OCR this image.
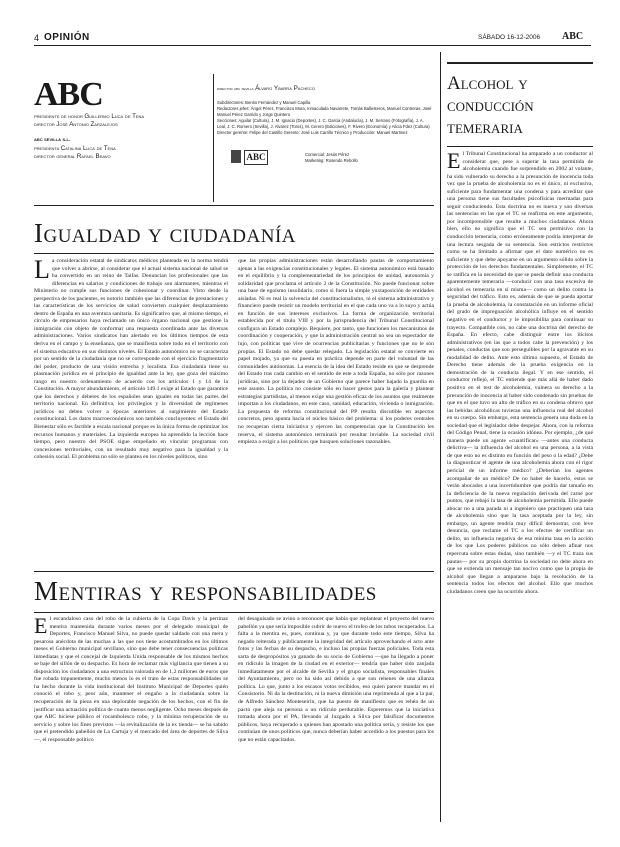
4 OPINIÓN	SÁBADO 16-12-2006 ABC
ABC
presidente de honor Guillermo Luca de Tena
director José Antonio Zarzalejos
abc sevilla s.l.
presidenta Catalina Luca de Tena
director general Rafael Bravo
director abc sevilla Álvaro Ybarra Pacheco
Subdirectores: Benito Fernández y Manuel Capilla
Redactores jefes: Ángel Pérez, Francisco Mora, Inmaculada Navarrete, Tomás Ballesteros, Manuel Contreras, José Manuel Pérez Garrido y Jorge Quintero
Secciones: Aguilar (Cultura), J. M. Ignacio (Deportes), J. C. Garcia (Andalucía), J. M. Serrano (Fotografía), J. A. Leal, J. C. Romero (Sevilla), J. Alvarez (Toros), M. Cerero (Ediciones), F. Rivero (Economía) y Alicia Fdez (Cultura)
Director gerente: Felipe del Castillo Gerente: José Luis Carrillo Técnico y Producción: Manuel Martinez
ABC	Comercial: Jesús Pérez
Marketing: Rosendo Rebollo
Igualdad y ciudadanía
La consideración estatal de sindicatos médicos planteada en la norma tendrá que volver a abrirse, al considerar que el actual sistema nacional de salud se ha convertido en un reino de Taifas. Denuncian los profesionales que las diferencias en salarios y condiciones de trabajo son alarmantes, mientras el Ministerio no cumple sus funciones de cohesionar y coordinar. Visto desde la perspectiva de los pacientes, es notorio también que las diferencias de prestaciones y las características de los servicios de salud convierten cualquier desplazamiento dentro de España en una aventura sanitaria. Es significativo que, al mismo tiempo, el círculo de empresarios haya reclamado un único órgano nacional que gestione la inmigración con objeto de conformar una respuesta coordinada ante las diversas administraciones. Varios sindicatos han alertado en los últimos tiempos de esta deriva en el campo y la enseñanza, que se manifiesta sobre todo en el territorio con el sistema educativo en sus distintos niveles. El Estado autonómico no se caracteriza por un sentido de la ciudadanía que no se corresponde con el ejercicio fragmentario del poder, producto de una visión estrecha y localista. Esa ciudadanía tiene su plasmación jurídica en el principio de igualdad ante la ley, que goza del máximo rango en nuestro ordenamiento de acuerdo con los artículos 1 y 14 de la Constitución. A mayor abundamiento, el artículo 149.1 exige al Estado que garantice que los derechos y deberes de los españoles sean iguales en todas las partes del territorio nacional. En definitiva, los privilegios y la diversidad de regímenes jurídicos no deben volver a épocas anteriores al surgimiento del Estado constitucional. Los datos macroeconómicos son también concluyentes: el Estado del Bienestar sólo es factible a escala nacional porque es la única forma de optimizar los recursos humanos y materiales. La izquierda europea ha aprendido la lección hace tiempo, pero nuestro del PSOE sigue empeñado en vincular programas con concesiones territoriales, con un resultado muy negativo para la igualdad y la cohesión social. El problema no sólo se plantea en los niveles políticos, sino
que las propias administraciones están desarrollando pautas de comportamiento ajenas a las exigencias constitucionales y legales. El sistema autonómico está basado en el equilibrio y la complementariedad de los principios de unidad, autonomía y solidaridad que proclama el artículo 2 de la Constitución. No puede funcionar sobre una base de egoísmo insolidario, como si fuera la simple yuxtaposición de entidades aisladas. Ni es real la solvencia del constitucionalismo, ni el sistema administrativo y financiero puede resistir un modelo territorial en el que cada uno va a lo suyo y actúa en función de sus intereses exclusivos. La forma de organización territorial establecida por el título VIII y por la jurisprudencia del Tribunal Constitucional configura un Estado complejo. Requiere, por tanto, que funcionen los mecanismos de coordinación y cooperación, y que la administración central no sea un espectador de lujo, con políticas que vive de ocurrencias publicitarias y funciones que no le son propias. El Estado no debe quedar relegado. La legislación estatal se convierte en papel mojado, ya que su puesta en práctica depende en parte del voluntad de las comunidades autónomas. La esencia de la idea del Estado reside en que se desprende del Estado tras cada cambio en el sentido de este a toda España, no sólo por razones jurídicas, sino por la dejadez de un Gobierno que parece haber bajado la guardia en este asunto. La política no consiste sólo en hacer gestos para la galería y plantear estrategias partidistas, al menos exige una gestión eficaz de los asuntos que realmente importan a los ciudadanos, en este caso, sanidad, educación, vivienda o inmigración. La propuesta de reforma constitucional del PP resulta discutible en aspectos concretos, pero apunta hacia el núcleo básico del problema: si los poderes centrales no recuperan cierta iniciativa y ejercen las competencias que la Constitución les reserva, el sistema autonómico terminará por resultar inviable. La sociedad civil empieza a exigir a los políticos que busquen soluciones razonables.
Mentiras y responsabilidades
El escandaloso caso del robo de la cubierta de la Copa Davis y la pertinaz mentira mantenida durante varios meses por el delegado municipal de Deportes, Francisco Manuel Silva, no puede quedar saldado con una mera y pesarosa anécdota de las muchas a las que nos tiene acostumbrados en los últimos meses el Gobierno municipal sevillano, sino que debe tener consecuencias políticas inmediatas y que el concejal de Izquierda Unida responsable de los mismos hechos se baje del sillón de su despacho. Es hora de reclamar más vigilancia que tienen a su disposición los ciudadanos a una estructura valorada en de 1,2 millones de euros que fue robada impunemente, mucho menos lo es el trato de estas responsabilidades se ha hecho durante la vida institucional del Instituto Municipal de Deportes quién conoció el robo y, peor aún, mantener el engaño a la ciudadanía sobre la recuperación de la pieza en una deplorable negación de los hechos, con el fin de justificar una actuación política de cuanto menos negligente. Ocho meses después de que ABC hiciese público el rocambolesco robo, y la mínima recuperación de su servicio y sobre los fines previstos —la revitalización de la ex tienda— se ha sabido que el pretendido pabellón de La Cartuja y el mercado del área de deportes de Silva—, el responsable político
del desaguisado se avino a reconocer que había que replantear el proyecto del nuevo pabellón ya que sería imposible cubrir de nuevo el trofeo de los tubos recuperados. La falta a la mentira es, pues, continua y, ya que durante todo este tiempo, Silva ha negado reiterada y públicamente la integridad del artículo aprovechando el acto ante fotos y las fechas de su despacho, e incluso las propias fuerzas policiales. Toda esta sarta de despropósitos ya ganado de su socio de Gobierno —que ha llegado a poner en ridículo la imagen de la ciudad en el exterior— tendría que haber sido zanjada inmediatamente por el alcalde de Sevilla y el grupo socialista, responsables finales del Ayuntamiento, pero no ha sido así debido a que son rehenes de una alianza política. Lo que, junto a los escasos votos recibidos, eso quien parece mandar en el Consistorio. Ni da la destitución, ni la nueva dimisión una reprimenda al que a la par, de Alfredo Sánchez Monteseirín, que ha puesto de manifiesto que es rehén de un pacto que aleja su persona a un ridículo perdurable. Esperemos que la iniciativa tomada ahora por el PA, llevando al Juzgado a Silva por falsificar documentos públicos, haya recuperado a quienes han apostado una política sería, y resiste los que continúan de unos políticos que, nunca deberían haber accedido a los puestos para los que no están capacitados.
Alcohol y conducción temeraria
El Tribunal Constitucional ha amparado a un conductor al considerar que, pese a superar la tasa permitida de alcoholemia cuando fue sorprendido en 2002 al volante, ha sido vulnerado su derecho a la presunción de inocencia toda vez que la prueba de alcoholemia no es el único, ni exclusiva, suficiente para fundamentar una condena y para acreditar que una persona tiene sus facultades psicofísicas mermadas para seguir conduciendo. Esta doctrina no es nueva y son diversas las sentencias en las que el TC se reafirma en este argumento, por incomprensible que resulte a muchos ciudadanos. Ahora bien, ello no significa que el TC sea permisivo con la conducción temeraria, como erróneamente podría interpretar de una lectura sesgada de su sentencia. Son estrictos restrictos como se ha limitado a afirmar que el dato numérico no es suficiente y que debe apoyarse en un argumento sólido sobre la protección de los derechos fundamentales. Simplemente, el TC se ratifica en la necesidad de que se pueda definir una conducta aparentemente temeraria —conducir con una tasa excesiva de alcohol es temeraria en sí misma— como un delito contra la seguridad del tráfico. Esto es, además de que se pueda aportar la prueba de alcoholemia, la constatación en un informe oficial del grado de impregnación alcohólica influye en el sentido negativo en el conductor y le imposibilita para continuar su trayecto. Compatible con, no cabe una doctrina del derecho de España. En efecto, cabe distinguir entre los ilícitos administrativos (en las que a todos cabe la prevención) y los penales, conductas que son perseguibles por la agravante en su modalidad de delito. Ante esto último supuesto, el Estado de Derecho tiene además de la prueba exigencia en la demostración de la conducta ilegal. Y en ese sentido, el conductor reflejó, el TC entiende que más allá de haber dado positivo en el test de alcoholemia, vulnera su derecho a la presunción de inocencia al haber sido condenado sin pruebas de que en el que tuvo un alto de tráfico en su condena obtuvo que las bebidas alcohólicas tuvieran una influencia real del alcohol en su cuerpo. Sin embargo, esta sentencia genera una duda en la sociedad que el legislador debe despejar. Ahora, con la reforma del Código Penal, tiene la ocasión idónea. Por ejemplo, ¿de qué manera puede un agente «cuantificar» —antes una conducta delictiva— la influencia del alcohol en una persona, a la vista de que esto no es distinto en función del peso o la edad? ¿Debe la diagnosticar el agente de una alcoholemia ahora con el rigor pericial de un informe médico? ¿Deberían los agentes acompañar de un médico? De no haber de hacerlo, estos se verán abocados a una incertidumbre que podría dar tamaño en la deficiencia de la nueva regulación derivada del carné por puntos, que rebajó la tasa de alcoholemia permitida. Ello puede abocar no a una parada ni a ingeniero que practiquen una tasa de alcoholemia sino que la tasa aceptada por la ley, sin embargo, un agente tendría muy difícil demostrar, con leve denuncia, que reclame el TC a los efectos de certificar un delito, un influencia negativa de esa mínima tasa en la acción de los que Los poderes públicos no sólo deben afinar nos repercuta sobre estas dudas, sino también —y el TC traza sus pautas— por su propia doctrina la sociedad no debe ahora en que se extienda un mensaje tan nocivo como que la propia de alcohol que llegan a ampararse bajo la resolución de la sentencia todos los efectos del alcohol. Ello que muchos ciudadanos creen que ha ocurrido ahora.
